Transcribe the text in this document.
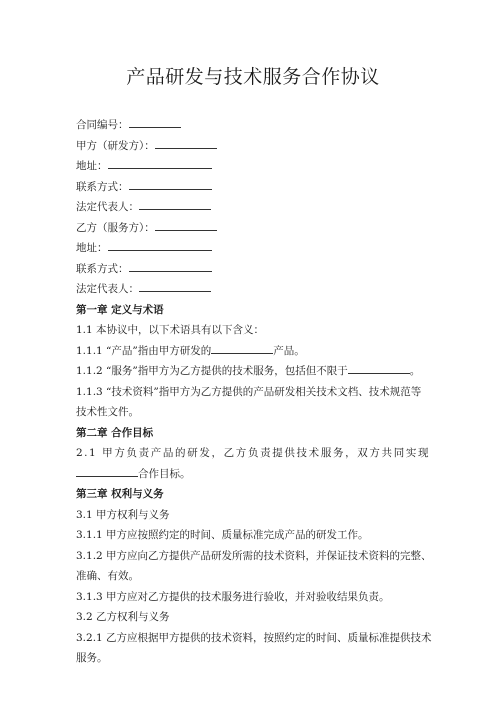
产品研发与技术服务合作协议
合同编号：
甲方（研发方）：
地址：
联系方式：
法定代表人：
乙方（服务方）：
地址：
联系方式：
法定代表人：
第一章 定义与术语
1.1 本协议中，以下术语具有以下含义：
1.1.1 “产品”指由甲方研发的	产品。
1.1.2 “服务”指甲方为乙方提供的技术服务，包括但不限于	。
1.1.3 “技术资料”指甲方为乙方提供的产品研发相关技术文档、技术规范等
技术性文件。
第二章 合作目标
2.1 甲方负责产品的研发，乙方负责提供技术服务，双方共同实现
合作目标。
第三章 权利与义务
3.1 甲方权利与义务
3.1.1 甲方应按照约定的时间、质量标准完成产品的研发工作。
3.1.2 甲方应向乙方提供产品研发所需的技术资料，并保证技术资料的完整、
准确、有效。
3.1.3 甲方应对乙方提供的技术服务进行验收，并对验收结果负责。
3.2 乙方权利与义务
3.2.1 乙方应根据甲方提供的技术资料，按照约定的时间、质量标准提供技术
服务。
